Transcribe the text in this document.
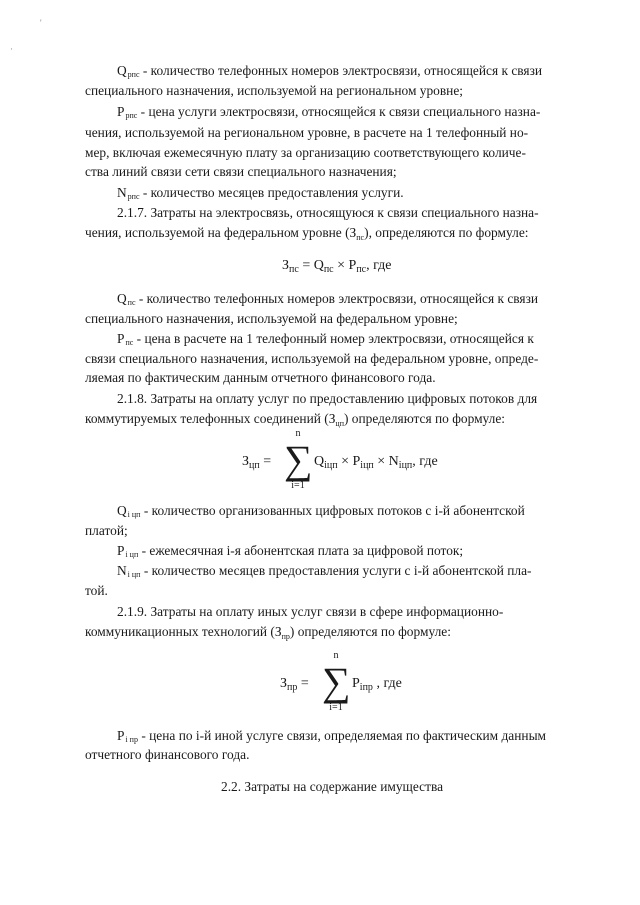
'
·
Qрпс - количество телефонных номеров электросвязи, относящейся к связи
специального назначения, используемой на региональном уровне;
Pрпс - цена услуги электросвязи, относящейся к связи специального назна-
чения, используемой на региональном уровне, в расчете на 1 телефонный но-
мер, включая ежемесячную плату за организацию соответствующего количе-
ства линий связи сети связи специального назначения;
Nрпс - количество месяцев предоставления услуги.
2.1.7. Затраты на электросвязь, относящуюся к связи специального назна-
чения, используемой на федеральном уровне $(З_{пс})$, определяются по формуле:
$З_{пс} = Q_{пс} \times P_{пс}$, где
Qпс - количество телефонных номеров электросвязи, относящейся к связи
специального назначения, используемой на федеральном уровне;
Pпс - цена в расчете на 1 телефонный номер электросвязи, относящейся к
связи специального назначения, используемой на федеральном уровне, опреде-
ляемая по фактическим данным отчетного финансового года.
2.1.8. Затраты на оплату услуг по предоставлению цифровых потоков для
коммутируемых телефонных соединений $(З_{цп})$ определяются по формуле:
$З_{цп}$ =
n
∑
i=1
$Q_{iцп} \times P_{iцп} \times N_{iцп}$, где
Qi цп - количество организованных цифровых потоков с i-й абонентской
платой;
Pi цп - ежемесячная i-я абонентская плата за цифровой поток;
Ni цп - количество месяцев предоставления услуги с i-й абонентской пла-
той.
2.1.9. Затраты на оплату иных услуг связи в сфере информационно-
коммуникационных технологий $(З_{пр})$ определяются по формуле:
$З_{пр}$ =
n
∑
i=1
$P_{iпр}$ , где
Pi пр - цена по i-й иной услуге связи, определяемая по фактическим данным
отчетного финансового года.
2.2. Затраты на содержание имущества
